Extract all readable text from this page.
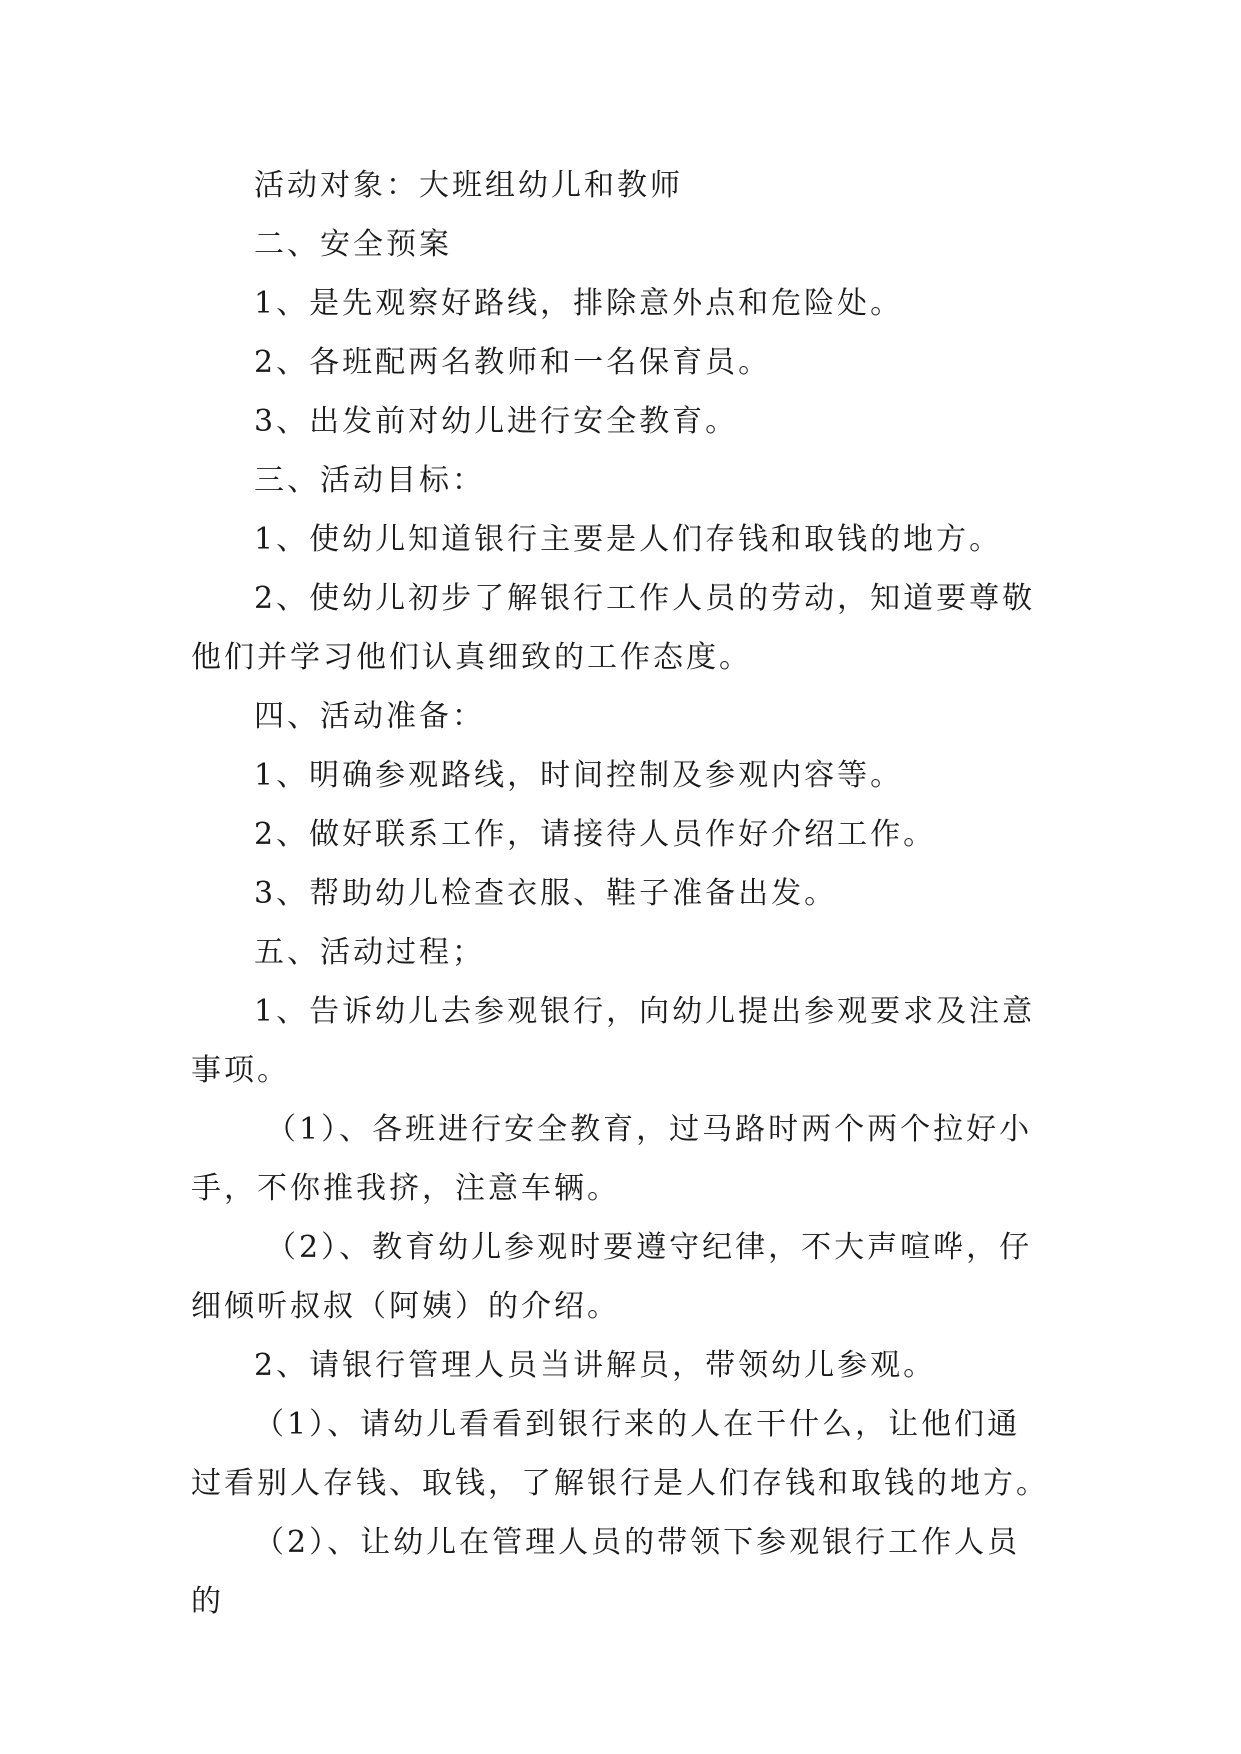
活动对象：大班组幼儿和教师

二、安全预案

1、是先观察好路线，排除意外点和危险处。

2、各班配两名教师和一名保育员。

3、出发前对幼儿进行安全教育。

三、活动目标：

1、使幼儿知道银行主要是人们存钱和取钱的地方。

2、使幼儿初步了解银行工作人员的劳动，知道要尊敬他们并学习他们认真细致的工作态度。

四、活动准备：

1、明确参观路线，时间控制及参观内容等。

2、做好联系工作，请接待人员作好介绍工作。

3、帮助幼儿检查衣服、鞋子准备出发。

五、活动过程；

1、告诉幼儿去参观银行，向幼儿提出参观要求及注意事项。

（1）、各班进行安全教育，过马路时两个两个拉好小手，不你推我挤，注意车辆。

（2）、教育幼儿参观时要遵守纪律，不大声喧哗，仔细倾听叔叔（阿姨）的介绍。

2、请银行管理人员当讲解员，带领幼儿参观。

（1）、请幼儿看看到银行来的人在干什么，让他们通过看别人存钱、取钱，了解银行是人们存钱和取钱的地方。

（2）、让幼儿在管理人员的带领下参观银行工作人员的
